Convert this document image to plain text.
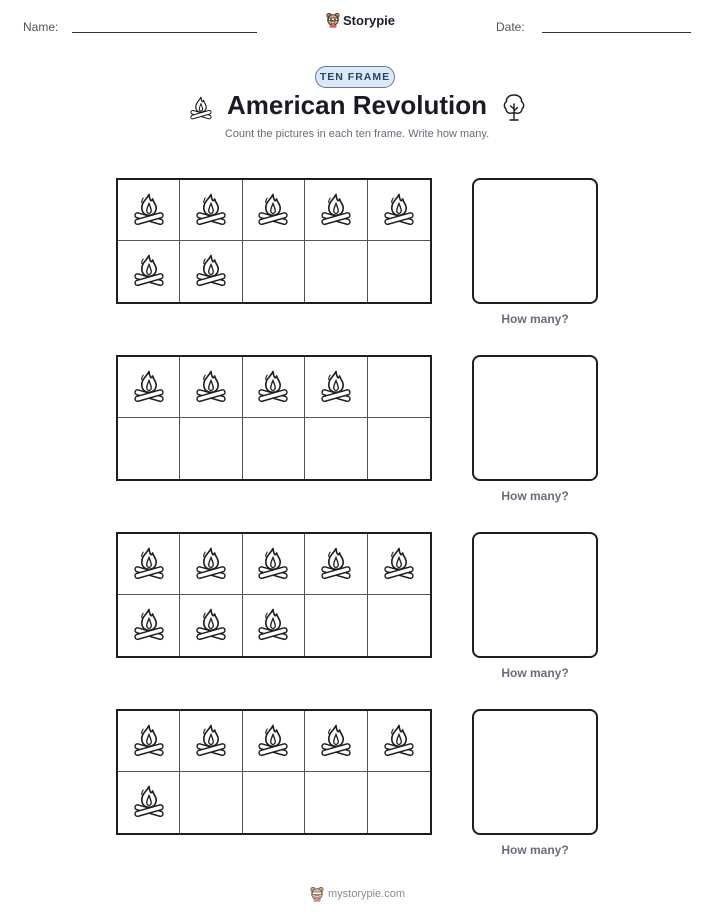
Name:	Storypie	Date:
TEN FRAME
American Revolution
Count the pictures in each ten frame. Write how many.
How many?
How many?
How many?
How many?
mystorypie.com
